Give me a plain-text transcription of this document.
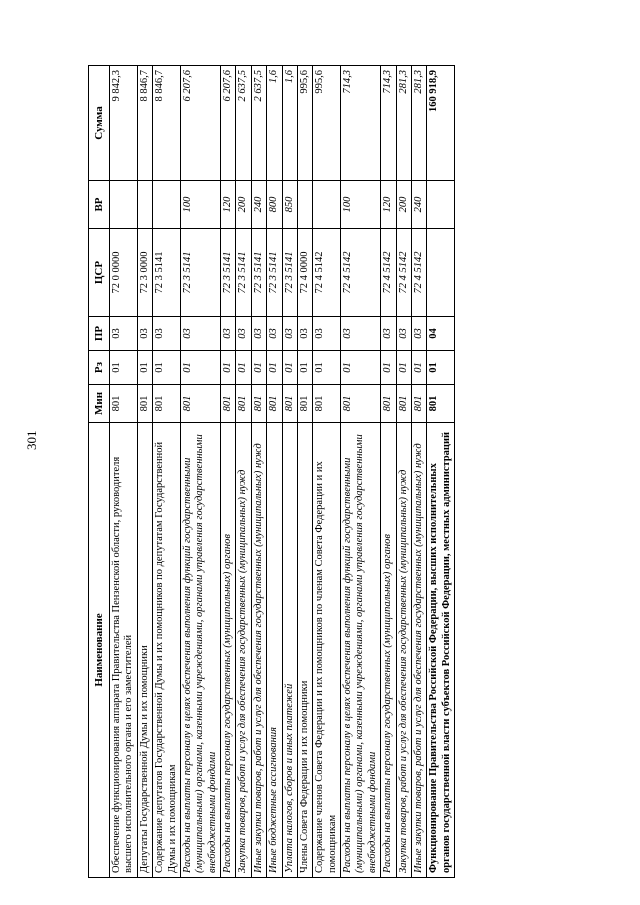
301
Наименование	Мин	Рз	ПР	ЦСР	ВР	Сумма
Обеспечение функционирования аппарата Правительства Пензенской области, руководителя высшего исполнительного органа и его заместителей	801	01	03	72 0 0000		9 842,3
Депутаты Государственной Думы и их помощники	801	01	03	72 3 0000		8 846,7
Содержание депутатов Государственной Думы и их помощников по депутатам Государственной Думы и их помощникам	801	01	03	72 3 5141		8 846,7
Расходы на выплаты персоналу в целях обеспечения выполнения функций государственными (муниципальными) органами, казенными учреждениями, органами управления государственными внебюджетными фондами	801	01	03	72 3 5141	100	6 207,6
Расходы на выплаты персоналу государственных (муниципальных) органов	801	01	03	72 3 5141	120	6 207,6
Закупка товаров, работ и услуг для обеспечения государственных (муниципальных) нужд	801	01	03	72 3 5141	200	2 637,5
Иные закупки товаров, работ и услуг для обеспечения государственных (муниципальных) нужд	801	01	03	72 3 5141	240	2 637,5
Иные бюджетные ассигнования	801	01	03	72 3 5141	800	1,6
Уплата налогов, сборов и иных платежей	801	01	03	72 3 5141	850	1,6
Члены Совета Федерации и их помощники	801	01	03	72 4 0000		995,6
Содержание членов Совета Федерации и их помощников по членам Совета Федерации и их помощникам	801	01	03	72 4 5142		995,6
Расходы на выплаты персоналу в целях обеспечения выполнения функций государственными (муниципальными) органами, казенными учреждениями, органами управления государственными внебюджетными фондами	801	01	03	72 4 5142	100	714,3
Расходы на выплаты персоналу государственных (муниципальных) органов	801	01	03	72 4 5142	120	714,3
Закупка товаров, работ и услуг для обеспечения государственных (муниципальных) нужд	801	01	03	72 4 5142	200	281,3
Иные закупки товаров, работ и услуг для обеспечения государственных (муниципальных) нужд	801	01	03	72 4 5142	240	281,3
Функционирование Правительства Российской Федерации, высших исполнительных органов государственной власти субъектов Российской Федерации, местных администраций	801	01	04			160 918,9
